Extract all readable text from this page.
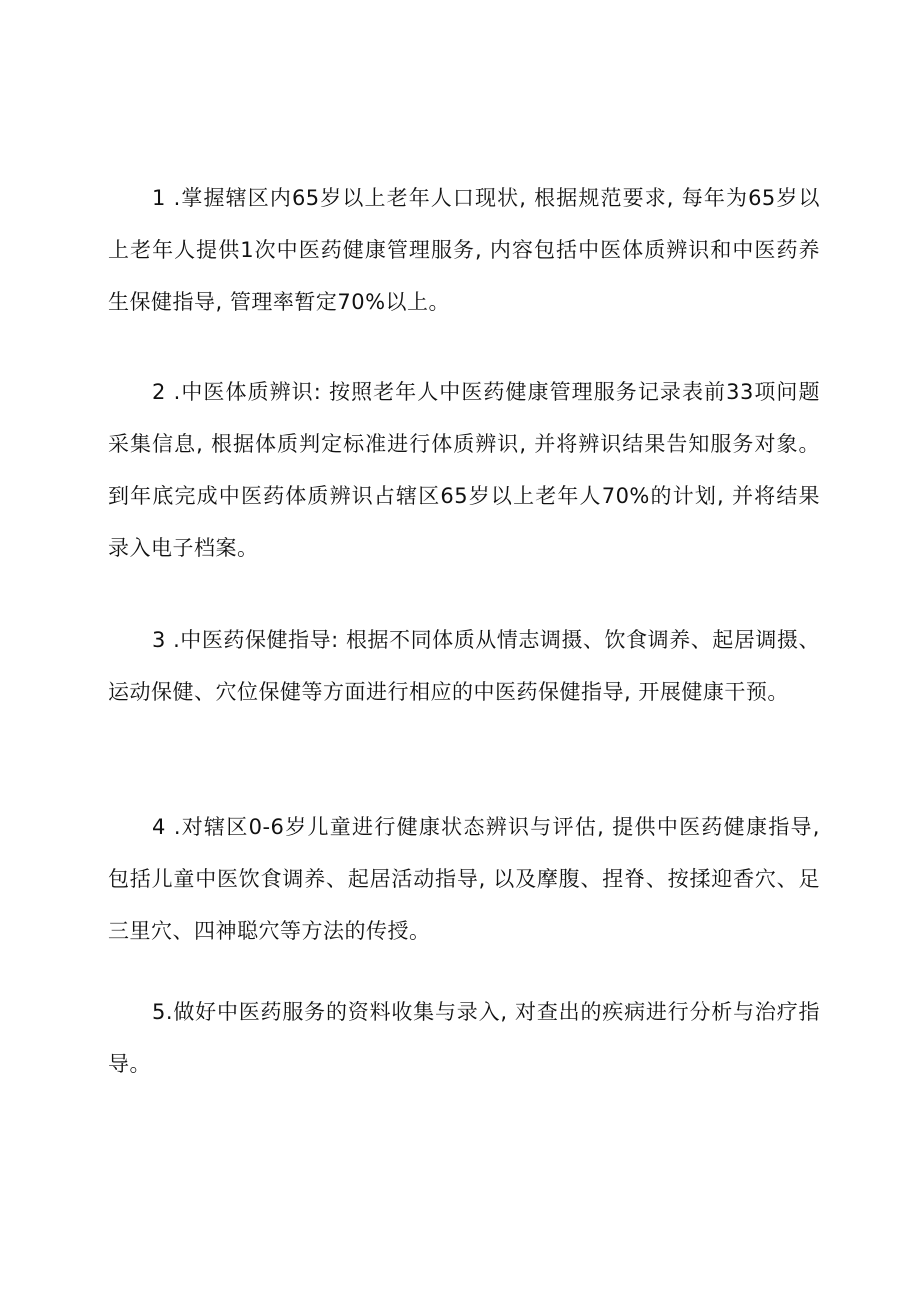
1 .掌握辖区内65岁以上老年人口现状, 根据规范要求, 每年为65岁以上老年人提供1次中医药健康管理服务, 内容包括中医体质辨识和中医药养生保健指导, 管理率暂定70%以上。

2 .中医体质辨识: 按照老年人中医药健康管理服务记录表前33项问题采集信息, 根据体质判定标准进行体质辨识, 并将辨识结果告知服务对象。到年底完成中医药体质辨识占辖区65岁以上老年人70%的计划, 并将结果录入电子档案。

3 .中医药保健指导: 根据不同体质从情志调摄、饮食调养、起居调摄、运动保健、穴位保健等方面进行相应的中医药保健指导, 开展健康干预。

4 .对辖区0-6岁儿童进行健康状态辨识与评估, 提供中医药健康指导, 包括儿童中医饮食调养、起居活动指导, 以及摩腹、捏脊、按揉迎香穴、足三里穴、四神聪穴等方法的传授。

5.做好中医药服务的资料收集与录入, 对查出的疾病进行分析与治疗指导。
